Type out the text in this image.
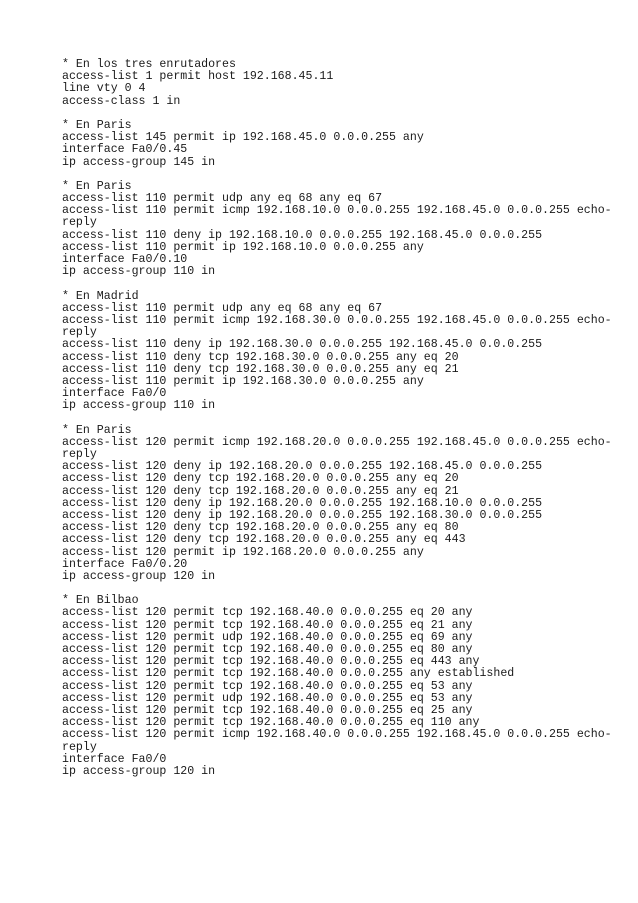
* En los tres enrutadores
access-list 1 permit host 192.168.45.11
line vty 0 4
access-class 1 in
* En Paris
access-list 145 permit ip 192.168.45.0 0.0.0.255 any
interface Fa0/0.45
ip access-group 145 in
* En Paris
access-list 110 permit udp any eq 68 any eq 67
access-list 110 permit icmp 192.168.10.0 0.0.0.255 192.168.45.0 0.0.0.255 echo-
reply
access-list 110 deny ip 192.168.10.0 0.0.0.255 192.168.45.0 0.0.0.255
access-list 110 permit ip 192.168.10.0 0.0.0.255 any
interface Fa0/0.10
ip access-group 110 in
* En Madrid
access-list 110 permit udp any eq 68 any eq 67
access-list 110 permit icmp 192.168.30.0 0.0.0.255 192.168.45.0 0.0.0.255 echo-
reply
access-list 110 deny ip 192.168.30.0 0.0.0.255 192.168.45.0 0.0.0.255
access-list 110 deny tcp 192.168.30.0 0.0.0.255 any eq 20
access-list 110 deny tcp 192.168.30.0 0.0.0.255 any eq 21
access-list 110 permit ip 192.168.30.0 0.0.0.255 any
interface Fa0/0
ip access-group 110 in
* En Paris
access-list 120 permit icmp 192.168.20.0 0.0.0.255 192.168.45.0 0.0.0.255 echo-
reply
access-list 120 deny ip 192.168.20.0 0.0.0.255 192.168.45.0 0.0.0.255
access-list 120 deny tcp 192.168.20.0 0.0.0.255 any eq 20
access-list 120 deny tcp 192.168.20.0 0.0.0.255 any eq 21
access-list 120 deny ip 192.168.20.0 0.0.0.255 192.168.10.0 0.0.0.255
access-list 120 deny ip 192.168.20.0 0.0.0.255 192.168.30.0 0.0.0.255
access-list 120 deny tcp 192.168.20.0 0.0.0.255 any eq 80
access-list 120 deny tcp 192.168.20.0 0.0.0.255 any eq 443
access-list 120 permit ip 192.168.20.0 0.0.0.255 any
interface Fa0/0.20
ip access-group 120 in
* En Bilbao
access-list 120 permit tcp 192.168.40.0 0.0.0.255 eq 20 any
access-list 120 permit tcp 192.168.40.0 0.0.0.255 eq 21 any
access-list 120 permit udp 192.168.40.0 0.0.0.255 eq 69 any
access-list 120 permit tcp 192.168.40.0 0.0.0.255 eq 80 any
access-list 120 permit tcp 192.168.40.0 0.0.0.255 eq 443 any
access-list 120 permit tcp 192.168.40.0 0.0.0.255 any established
access-list 120 permit tcp 192.168.40.0 0.0.0.255 eq 53 any
access-list 120 permit udp 192.168.40.0 0.0.0.255 eq 53 any
access-list 120 permit tcp 192.168.40.0 0.0.0.255 eq 25 any
access-list 120 permit tcp 192.168.40.0 0.0.0.255 eq 110 any
access-list 120 permit icmp 192.168.40.0 0.0.0.255 192.168.45.0 0.0.0.255 echo-
reply
interface Fa0/0
ip access-group 120 in
